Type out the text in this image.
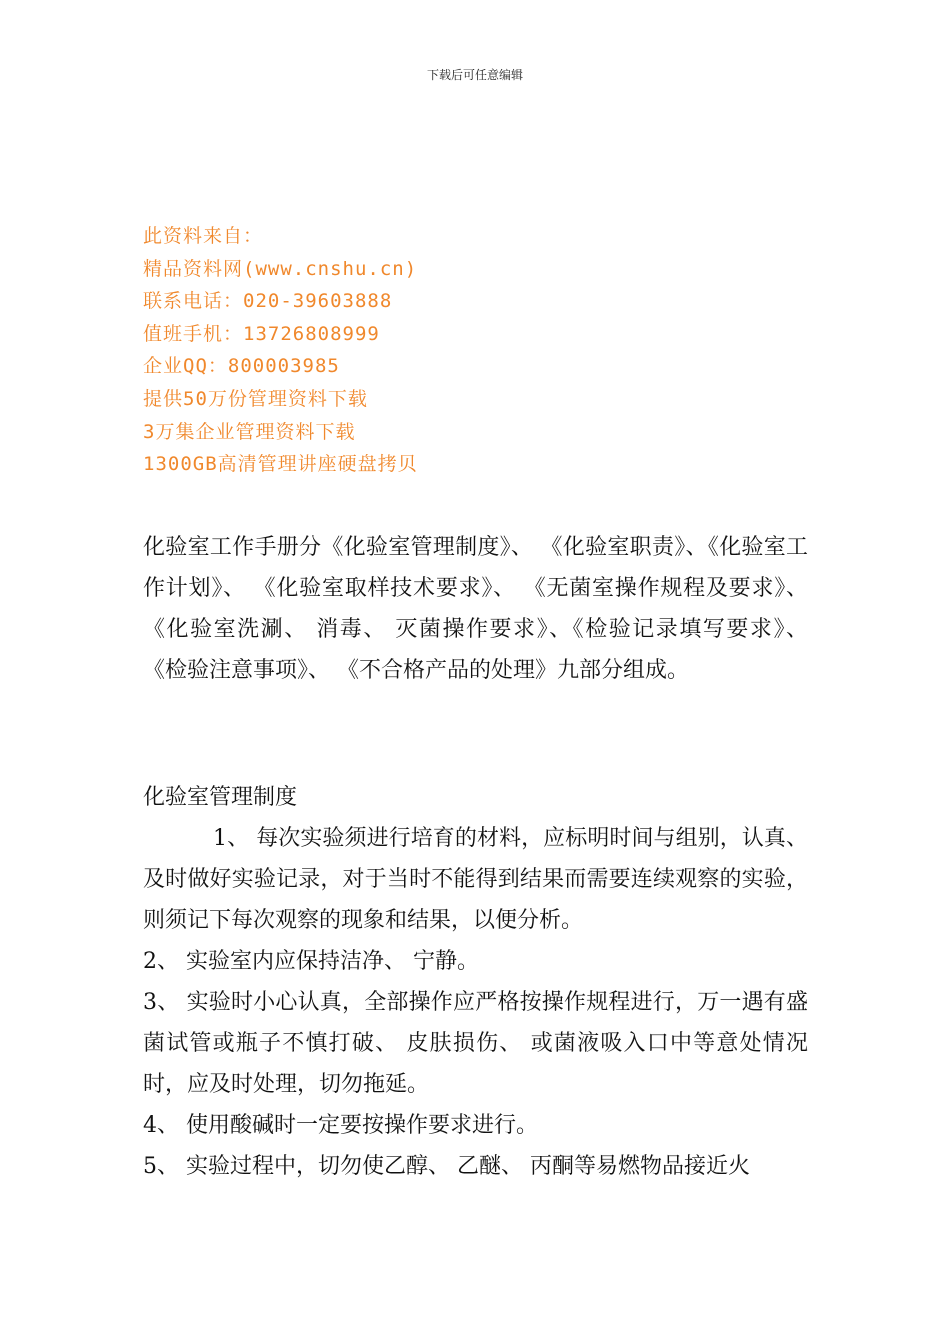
下载后可任意编辑
此资料来自：
精品资料网(www.cnshu.cn)
联系电话：020-39603888
值班手机：13726808999
企业QQ：800003985
提供50万份管理资料下载
3万集企业管理资料下载
1300GB高清管理讲座硬盘拷贝
化验室工作手册分《化验室管理制度》、 《化验室职责》、《化验室工作计划》、 《化验室取样技术要求》、 《无菌室操作规程及要求》、 《化验室洗涮、 消毒、 灭菌操作要求》、《检验记录填写要求》、 《检验注意事项》、 《不合格产品的处理》九部分组成。
化验室管理制度

1、 每次实验须进行培育的材料，应标明时间与组别，认真、 及时做好实验记录，对于当时不能得到结果而需要连续观察的实验，则须记下每次观察的现象和结果，以便分析。

2、 实验室内应保持洁净、 宁静。

3、 实验时小心认真，全部操作应严格按操作规程进行，万一遇有盛菌试管或瓶子不慎打破、 皮肤损伤、 或菌液吸入口中等意处情况时，应及时处理，切勿拖延。

4、 使用酸碱时一定要按操作要求进行。

5、 实验过程中，切勿使乙醇、 乙醚、 丙酮等易燃物品接近火
